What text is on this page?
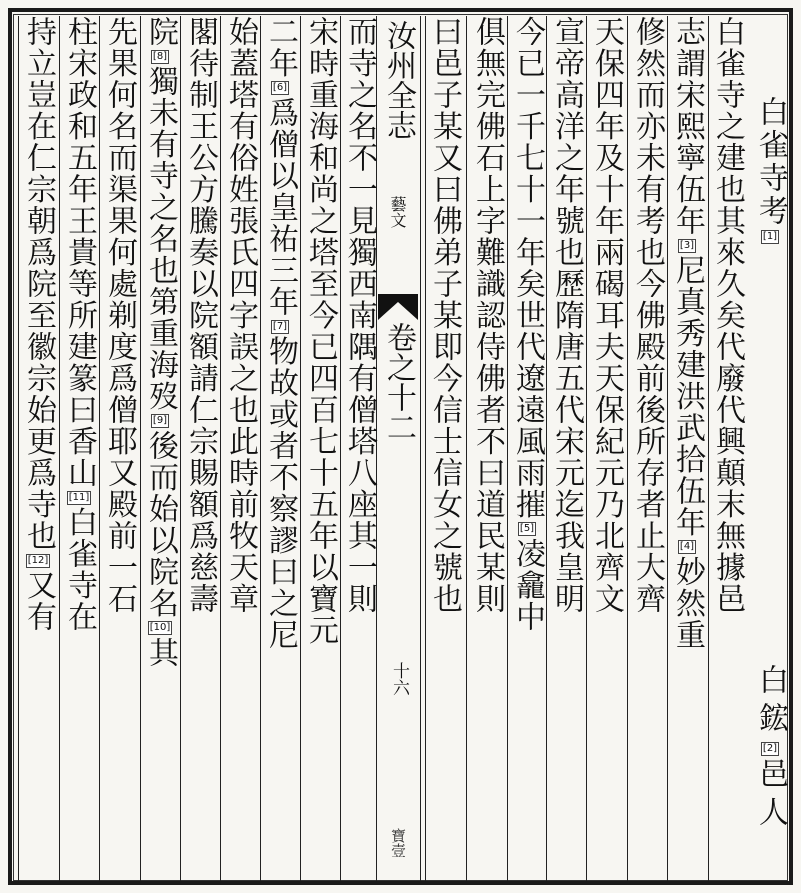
白雀寺考[1]
白鋐[2]邑人
汝州全志
藝文
卷之十二
十六
寶壹
白雀寺之建也其來久矣代廢代興顛末無據邑
志謂宋熙寧伍年[3]尼真秀建洪武拾伍年[4]妙然重
修然而亦未有考也今佛殿前後所存者止大齊
天保四年及十年兩碣耳夫天保紀元乃北齊文
宣帝高洋之年號也歷隋唐五代宋元迄我皇明
今已一千七十一年矣世代遼遠風雨摧[5]凌龕中
俱無完佛石上字難識認侍佛者不曰道民某則
曰邑子某又曰佛弟子某即今信士信女之號也
而寺之名不一見獨西南隅有僧塔八座其一則
宋時重海和尚之塔至今已四百七十五年以寶元
二年[6]爲僧以皇祐三年[7]物故或者不察謬曰之尼
始蓋塔有俗姓張氏四字誤之也此時前牧天章
閣待制王公方騰奏以院額請仁宗賜額爲慈壽
院[8]獨未有寺之名也第重海歿[9]後而始以院名[10]其
先果何名而渠果何處剃度爲僧耶又殿前一石
柱宋政和五年王貴等所建篆曰香山[11]白雀寺在
持立豈在仁宗朝爲院至徽宗始更爲寺也[12]又有
